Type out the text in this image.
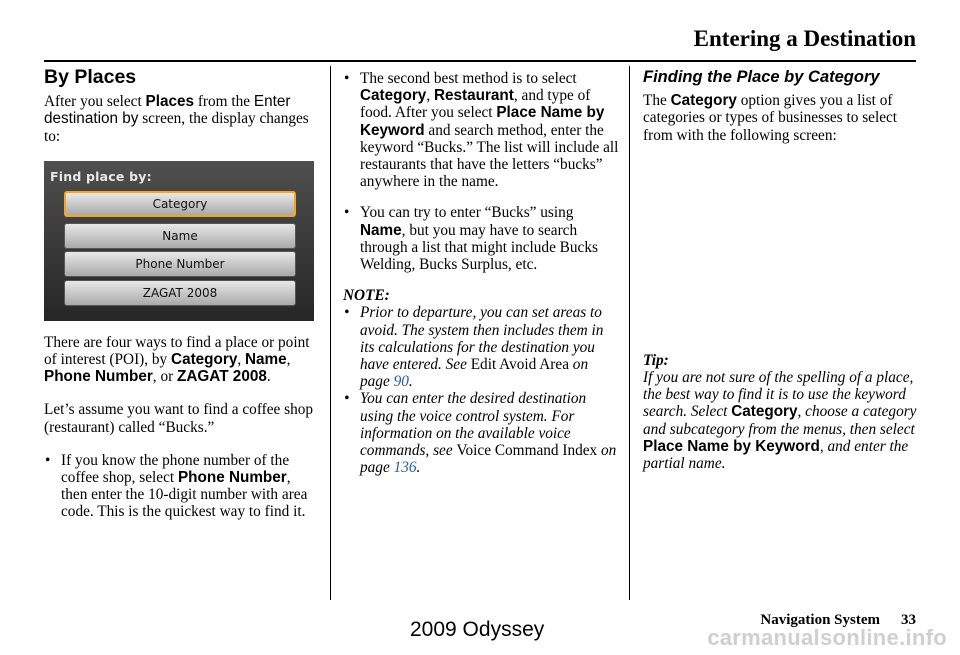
Entering a Destination
By Places

After you select Places from the Enter destination by screen, the display changes to:

Find place by:
Category
Name
Phone Number
ZAGAT 2008

There are four ways to find a place or point of interest (POI), by Category, Name, Phone Number, or ZAGAT 2008.

Let’s assume you want to find a coffee shop (restaurant) called “Bucks.”

• If you know the phone number of the coffee shop, select Phone Number, then enter the 10-digit number with area code. This is the quickest way to find it.
• The second best method is to select Category, Restaurant, and type of food. After you select Place Name by Keyword and search method, enter the keyword “Bucks.” The list will include all restaurants that have the letters “bucks” anywhere in the name.
• You can try to enter “Bucks” using Name, but you may have to search through a list that might include Bucks Welding, Bucks Surplus, etc.

NOTE:

• Prior to departure, you can set areas to avoid. The system then includes them in its calculations for the destination you have entered. See Edit Avoid Area on page 90.
• You can enter the desired destination using the voice control system. For information on the available voice commands, see Voice Command Index on page 136.
Finding the Place by Category

The Category option gives you a list of categories or types of businesses to select from with the following screen:

Tip:

If you are not sure of the spelling of a place, the best way to find it is to use the keyword search. Select Category, choose a category and subcategory from the menus, then select Place Name by Keyword, and enter the partial name.

Navigation System 33
2009 Odyssey	carmanualsonline.info
